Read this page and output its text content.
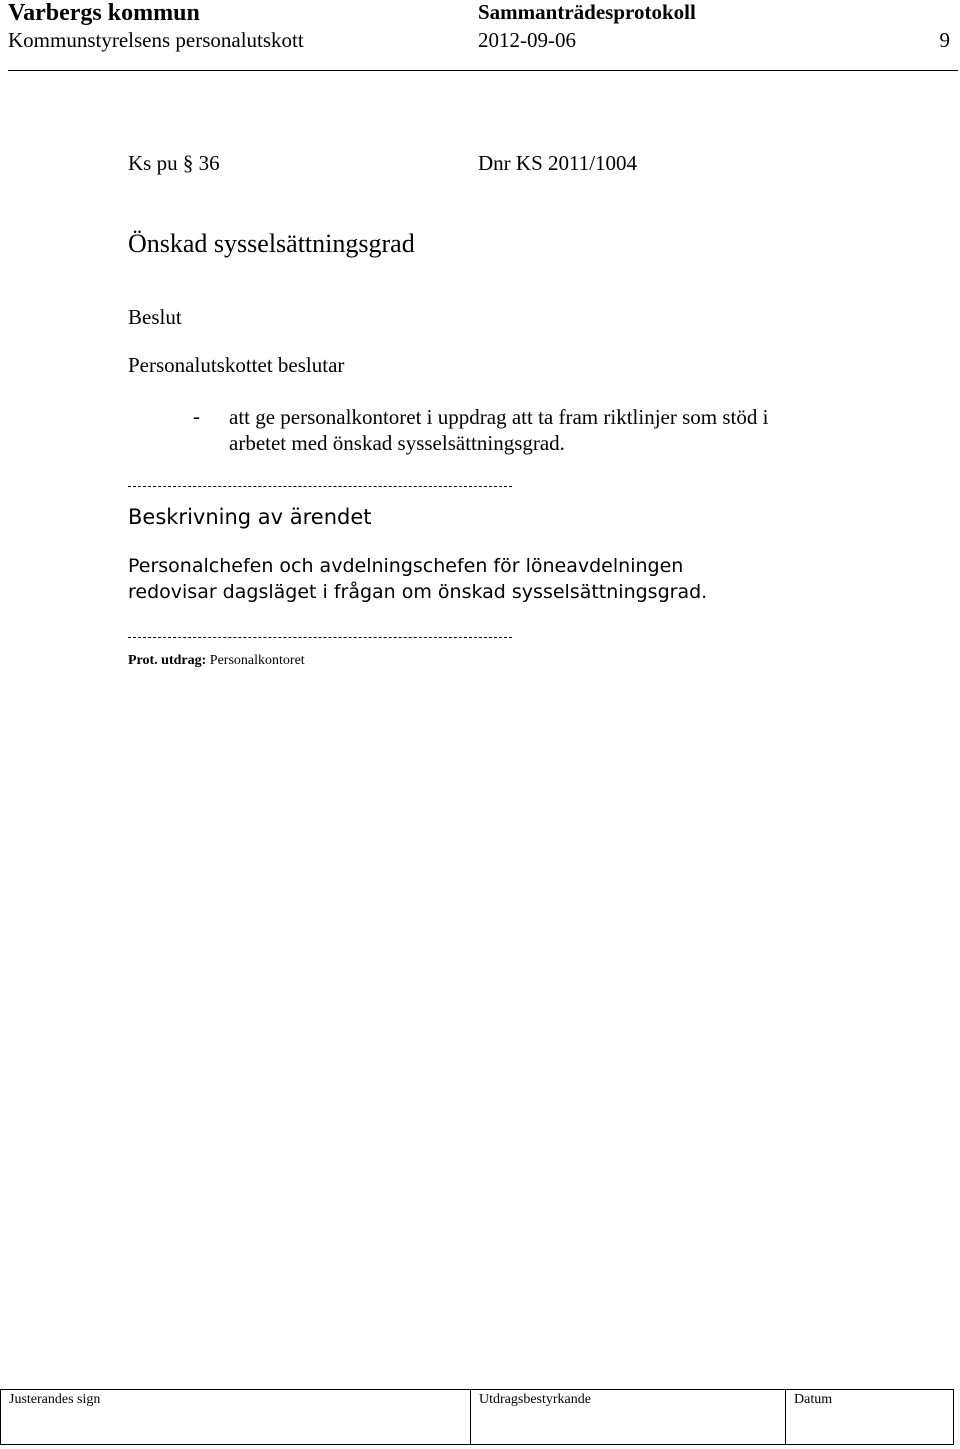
Varbergs kommun
Kommunstyrelsens personalutskott
Sammanträdesprotokoll
2012-09-06	9
Ks pu § 36	Dnr KS 2011/1004
Önskad sysselsättningsgrad
Beslut
Personalutskottet beslutar
- att ge personalkontoret i uppdrag att ta fram riktlinjer som stöd i arbetet med önskad sysselsättningsgrad.
Beskrivning av ärendet
Personalchefen och avdelningschefen för löneavdelningen redovisar dagsläget i frågan om önskad sysselsättningsgrad.
Prot. utdrag: Personalkontoret
Justerandes sign	Utdragsbestyrkande	Datum
